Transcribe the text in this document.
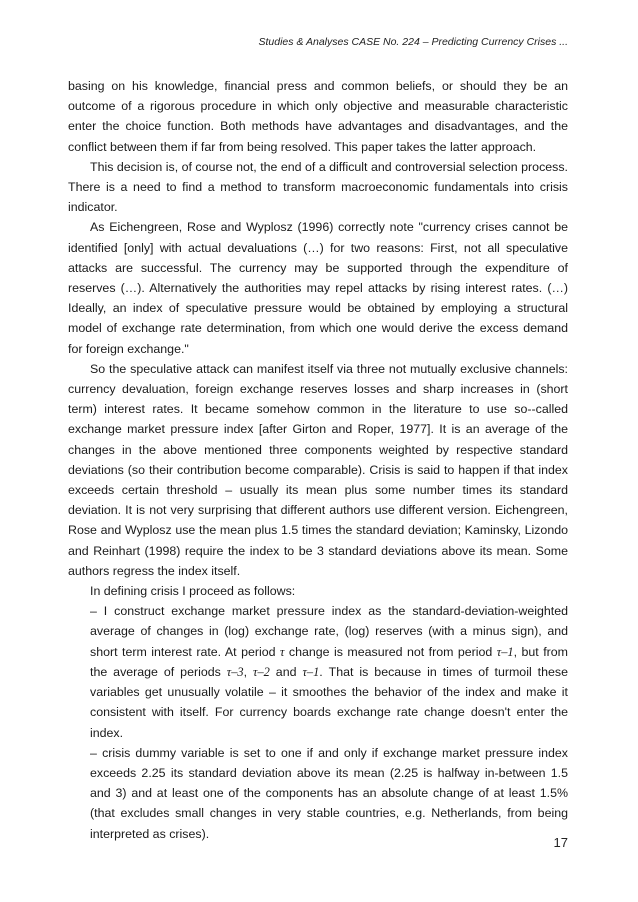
Studies & Analyses CASE No. 224 – Predicting Currency Crises ...

basing on his knowledge, financial press and common beliefs, or should they be an outcome of a rigorous procedure in which only objective and measurable characteristic enter the choice function. Both methods have advantages and disadvantages, and the conflict between them if far from being resolved. This paper takes the latter approach.

This decision is, of course not, the end of a difficult and controversial selection process. There is a need to find a method to transform macroeconomic fundamentals into crisis indicator.

As Eichengreen, Rose and Wyplosz (1996) correctly note "currency crises cannot be identified [only] with actual devaluations (…) for two reasons: First, not all speculative attacks are successful. The currency may be supported through the expenditure of reserves (…). Alternatively the authorities may repel attacks by rising interest rates. (…) Ideally, an index of speculative pressure would be obtained by employing a structural model of exchange rate determination, from which one would derive the excess demand for foreign exchange."

So the speculative attack can manifest itself via three not mutually exclusive channels: currency devaluation, foreign exchange reserves losses and sharp increases in (short term) interest rates. It became somehow common in the literature to use so--called exchange market pressure index [after Girton and Roper, 1977]. It is an average of the changes in the above mentioned three components weighted by respective standard deviations (so their contribution become comparable). Crisis is said to happen if that index exceeds certain threshold – usually its mean plus some number times its standard deviation. It is not very surprising that different authors use different version. Eichengreen, Rose and Wyplosz use the mean plus 1.5 times the standard deviation; Kaminsky, Lizondo and Reinhart (1998) require the index to be 3 standard deviations above its mean. Some authors regress the index itself.

In defining crisis I proceed as follows:

– I construct exchange market pressure index as the standard-deviation-weighted average of changes in (log) exchange rate, (log) reserves (with a minus sign), and short term interest rate. At period τ change is measured not from period τ–1, but from the average of periods τ–3, τ–2 and τ–1. That is because in times of turmoil these variables get unusually volatile – it smoothes the behavior of the index and make it consistent with itself. For currency boards exchange rate change doesn't enter the index.

– crisis dummy variable is set to one if and only if exchange market pressure index exceeds 2.25 its standard deviation above its mean (2.25 is halfway in-between 1.5 and 3) and at least one of the components has an absolute change of at least 1.5% (that excludes small changes in very stable countries, e.g. Netherlands, from being interpreted as crises).

17
